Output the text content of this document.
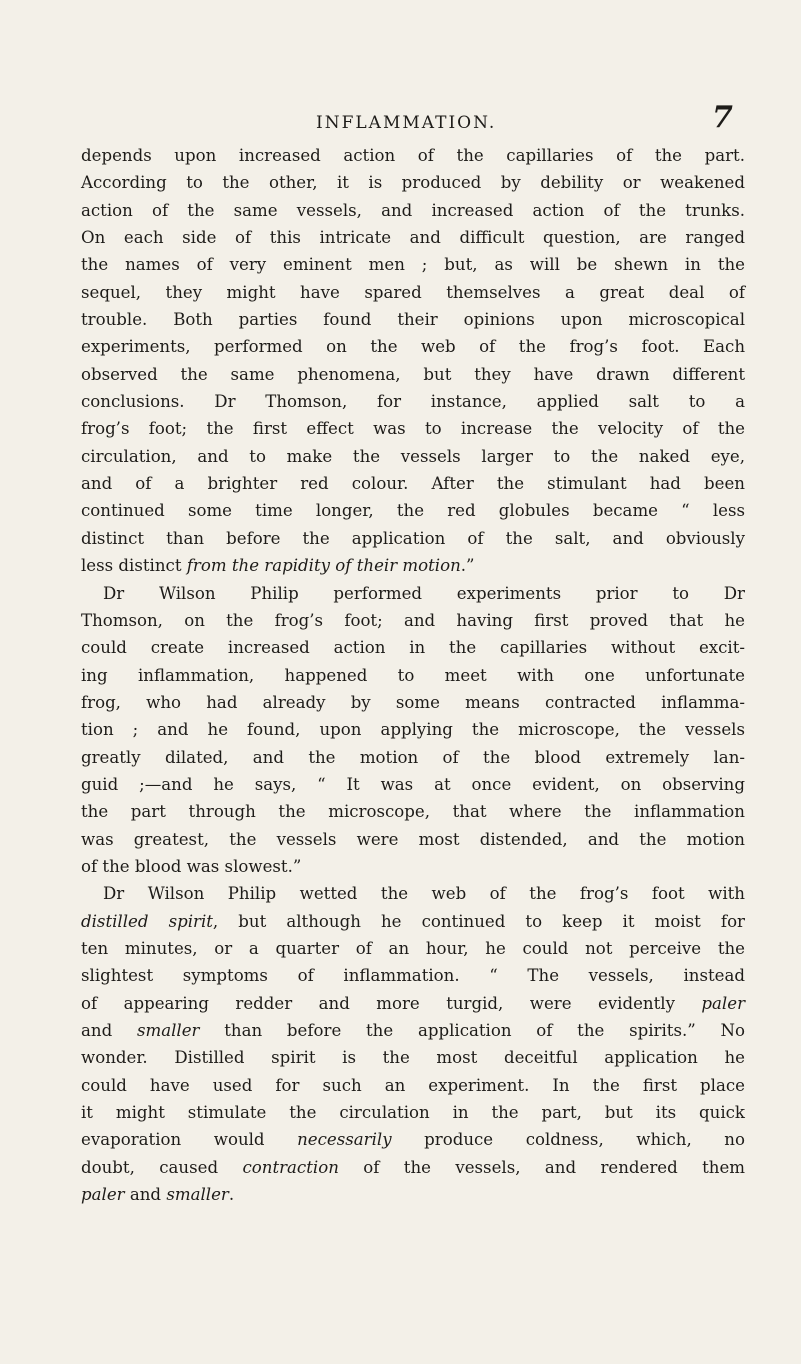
INFLAMMATION.	7

depends upon increased action of the capillaries of the part.
According to the other, it is produced by debility or weakened
action of the same vessels, and increased action of the trunks.
On each side of this intricate and difficult question, are ranged
the names of very eminent men ; but, as will be shewn in the
sequel, they might have spared themselves a great deal of
trouble. Both parties found their opinions upon microscopical
experiments, performed on the web of the frog’s foot. Each
observed the same phenomena, but they have drawn different
conclusions. Dr Thomson, for instance, applied salt to a
frog’s foot; the first effect was to increase the velocity of the
circulation, and to make the vessels larger to the naked eye,
and of a brighter red colour. After the stimulant had been
continued some time longer, the red globules became “ less
distinct than before the application of the salt, and obviously
less distinct from the rapidity of their motion.”

Dr Wilson Philip performed experiments prior to Dr
Thomson, on the frog’s foot; and having first proved that he
could create increased action in the capillaries without excit-
ing inflammation, happened to meet with one unfortunate
frog, who had already by some means contracted inflamma-
tion ; and he found, upon applying the microscope, the vessels
greatly dilated, and the motion of the blood extremely lan-
guid ;—and he says, “ It was at once evident, on observing
the part through the microscope, that where the inflammation
was greatest, the vessels were most distended, and the motion
of the blood was slowest.”

Dr Wilson Philip wetted the web of the frog’s foot with
distilled spirit, but although he continued to keep it moist for
ten minutes, or a quarter of an hour, he could not perceive the
slightest symptoms of inflammation. “ The vessels, instead
of appearing redder and more turgid, were evidently paler
and smaller than before the application of the spirits.” No
wonder. Distilled spirit is the most deceitful application he
could have used for such an experiment. In the first place
it might stimulate the circulation in the part, but its quick
evaporation would necessarily produce coldness, which, no
doubt, caused contraction of the vessels, and rendered them
paler and smaller.
